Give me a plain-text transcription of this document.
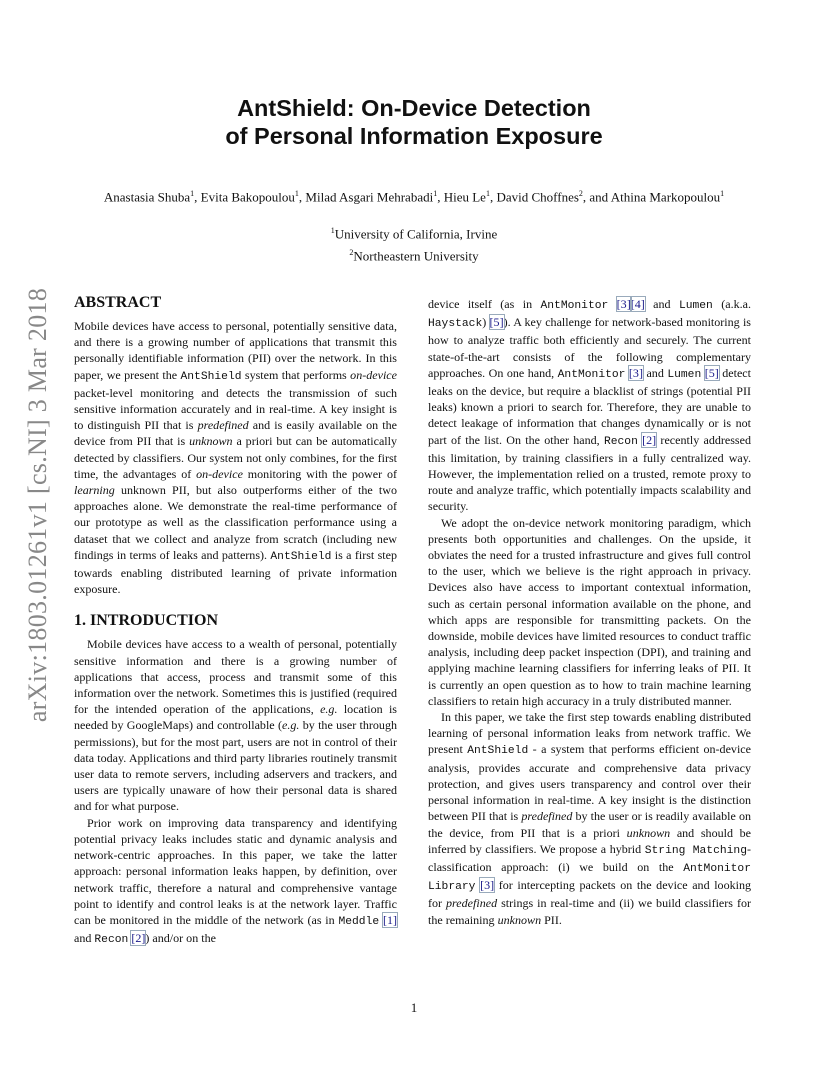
arXiv:1803.01261v1 [cs.NI] 3 Mar 2018
AntShield: On-Device Detection
of Personal Information Exposure
Anastasia Shuba$^1$, Evita Bakopoulou$^1$, Milad Asgari Mehrabadi$^1$, Hieu Le$^1$, David Choffnes$^2$, and Athina Markopoulou$^1$
$^1$University of California, Irvine
$^2$Northeastern University
ABSTRACT

Mobile devices have access to personal, potentially sensitive data, and there is a growing number of applications that transmit this personally identifiable information (PII) over the network. In this paper, we present the AntShield system that performs on-device packet-level monitoring and detects the transmission of such sensitive information accurately and in real-time. A key insight is to distinguish PII that is predefined and is easily available on the device from PII that is unknown a priori but can be automatically detected by classifiers. Our system not only combines, for the first time, the advantages of on-device monitoring with the power of learning unknown PII, but also outperforms either of the two approaches alone. We demonstrate the real-time performance of our prototype as well as the classification performance using a dataset that we collect and analyze from scratch (including new findings in terms of leaks and patterns). AntShield is a first step towards enabling distributed learning of private information exposure.

1. INTRODUCTION

Mobile devices have access to a wealth of personal, potentially sensitive information and there is a growing number of applications that access, process and transmit some of this information over the network. Sometimes this is justified (required for the intended operation of the applications, e.g. location is needed by GoogleMaps) and controllable (e.g. by the user through permissions), but for the most part, users are not in control of their data today. Applications and third party libraries routinely transmit user data to remote servers, including adservers and trackers, and users are typically unaware of how their personal data is shared and for what purpose.

Prior work on improving data transparency and identifying potential privacy leaks includes static and dynamic analysis and network-centric approaches. In this paper, we take the latter approach: personal information leaks happen, by definition, over network traffic, therefore a natural and comprehensive vantage point to identify and control leaks is at the network layer. Traffic can be monitored in the middle of the network (as in Meddle [1] and Recon [2]) and/or on the

device itself (as in AntMonitor [3][4] and Lumen (a.k.a. Haystack) [5]). A key challenge for network-based monitoring is how to analyze traffic both efficiently and securely. The current state-of-the-art consists of the following complementary approaches. On one hand, AntMonitor [3] and Lumen [5] detect leaks on the device, but require a blacklist of strings (potential PII leaks) known a priori to search for. Therefore, they are unable to detect leakage of information that changes dynamically or is not part of the list. On the other hand, Recon [2] recently addressed this limitation, by training classifiers in a fully centralized way. However, the implementation relied on a trusted, remote proxy to route and analyze traffic, which potentially impacts scalability and security.

We adopt the on-device network monitoring paradigm, which presents both opportunities and challenges. On the upside, it obviates the need for a trusted infrastructure and gives full control to the user, which we believe is the right approach in privacy. Devices also have access to important contextual information, such as certain personal information available on the phone, and which apps are responsible for transmitting packets. On the downside, mobile devices have limited resources to conduct traffic analysis, including deep packet inspection (DPI), and training and applying machine learning classifiers for inferring leaks of PII. It is currently an open question as to how to train machine learning classifiers to retain high accuracy in a truly distributed manner.

In this paper, we take the first step towards enabling distributed learning of personal information leaks from network traffic. We present AntShield - a system that performs efficient on-device analysis, provides accurate and comprehensive data privacy protection, and gives users transparency and control over their personal information in real-time. A key insight is the distinction between PII that is predefined by the user or is readily available on the device, from PII that is a priori unknown and should be inferred by classifiers. We propose a hybrid String Matching-classification approach: (i) we build on the AntMonitor Library [3] for intercepting packets on the device and looking for predefined strings in real-time and (ii) we build classifiers for the remaining unknown PII.

1
